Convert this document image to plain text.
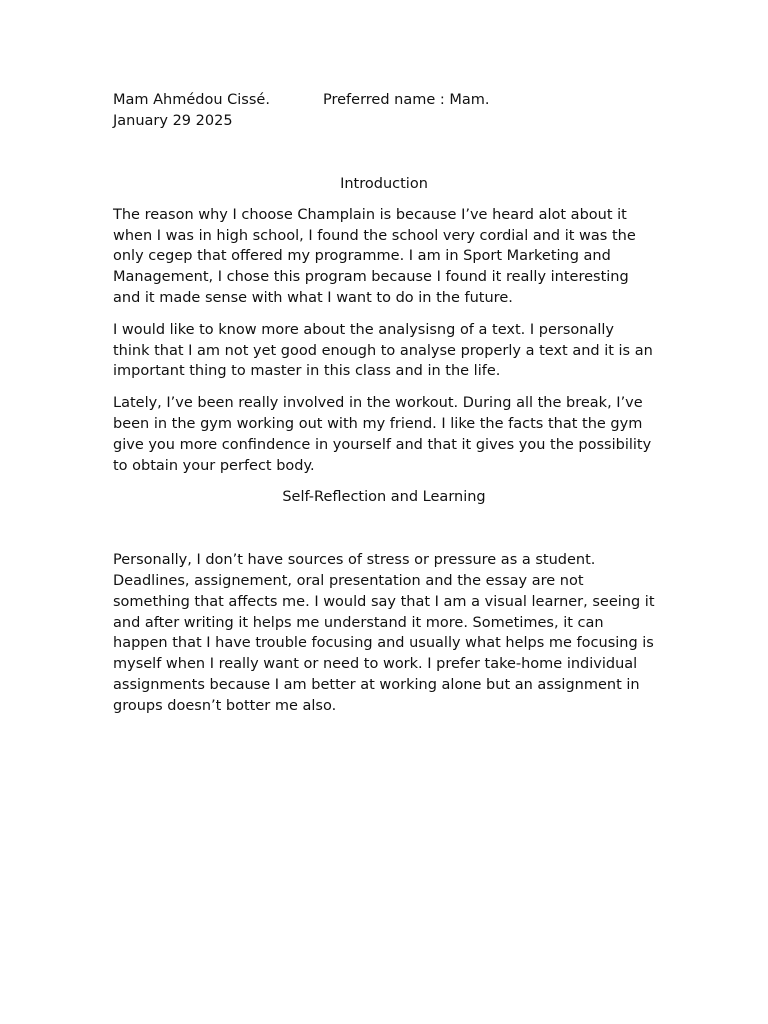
Mam Ahmédou Cissé.	Preferred name : Mam.
January 29 2025
Introduction

The reason why I choose Champlain is because I’ve heard alot about it when I was in high school, I found the school very cordial and it was the only cegep that offered my programme. I am in Sport Marketing and Management, I chose this program because I found it really interesting and it made sense with what I want to do in the future.

I would like to know more about the analysisng of a text. I personally think that I am not yet good enough to analyse properly a text and it is an important thing to master in this class and in the life.

Lately, I’ve been really involved in the workout. During all the break, I’ve been in the gym working out with my friend. I like the facts that the gym give you more confindence in yourself and that it gives you the possibility to obtain your perfect body.

Self-Reflection and Learning

Personally, I don’t have sources of stress or pressure as a student. Deadlines, assignement, oral presentation and the essay are not something that affects me. I would say that I am a visual learner, seeing it and after writing it helps me understand it more. Sometimes, it can happen that I have trouble focusing and usually what helps me focusing is myself when I really want or need to work. I prefer take-home individual assignments because I am better at working alone but an assignment in groups doesn’t botter me also.
